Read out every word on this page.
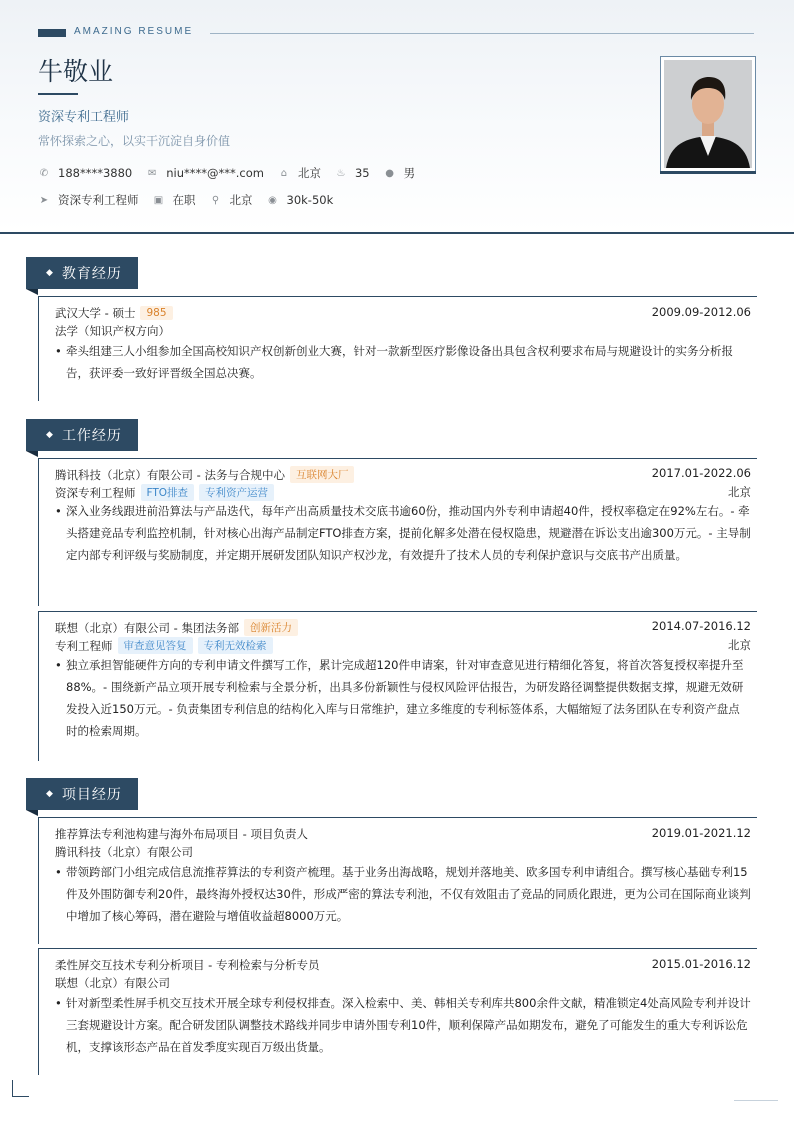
AMAZING RESUME
牛敬业
资深专利工程师
常怀探索之心，以实干沉淀自身价值
✆ 188****3880 ✉ niu****@***.com ⌂ 北京 ♨ 35 ● 男
➤ 资深专利工程师 ▣ 在职 ⚲ 北京 ◉ 30k-50k
◆ 教育经历
武汉大学 - 硕士	985	2009.09-2012.06
法学（知识产权方向）
• 牵头组建三人小组参加全国高校知识产权创新创业大赛，针对一款新型医疗影像设备出具包含权利要求布局与规避设计的实务分析报告，获评委一致好评晋级全国总决赛。
◆ 工作经历
腾讯科技（北京）有限公司 - 法务与合规中心	互联网大厂	2017.01-2022.06
资深专利工程师	FTO排查	专利资产运营	北京
• 深入业务线跟进前沿算法与产品迭代，每年产出高质量技术交底书逾60份，推动国内外专利申请超40件，授权率稳定在92%左右。- 牵头搭建竞品专利监控机制，针对核心出海产品制定FTO排查方案，提前化解多处潜在侵权隐患，规避潜在诉讼支出逾300万元。- 主导制定内部专利评级与奖励制度，并定期开展研发团队知识产权沙龙，有效提升了技术人员的专利保护意识与交底书产出质量。
联想（北京）有限公司 - 集团法务部	创新活力	2014.07-2016.12
专利工程师	审查意见答复	专利无效检索	北京
• 独立承担智能硬件方向的专利申请文件撰写工作，累计完成超120件申请案，针对审查意见进行精细化答复，将首次答复授权率提升至88%。- 围绕新产品立项开展专利检索与全景分析，出具多份新颖性与侵权风险评估报告，为研发路径调整提供数据支撑，规避无效研发投入近150万元。- 负责集团专利信息的结构化入库与日常维护，建立多维度的专利标签体系，大幅缩短了法务团队在专利资产盘点时的检索周期。
◆ 项目经历
推荐算法专利池构建与海外布局项目 - 项目负责人	2019.01-2021.12
腾讯科技（北京）有限公司
• 带领跨部门小组完成信息流推荐算法的专利资产梳理。基于业务出海战略，规划并落地美、欧多国专利申请组合。撰写核心基础专利15件及外围防御专利20件，最终海外授权达30件，形成严密的算法专利池，不仅有效阻击了竞品的同质化跟进，更为公司在国际商业谈判中增加了核心筹码，潜在避险与增值收益超8000万元。
柔性屏交互技术专利分析项目 - 专利检索与分析专员	2015.01-2016.12
联想（北京）有限公司
• 针对新型柔性屏手机交互技术开展全球专利侵权排查。深入检索中、美、韩相关专利库共800余件文献，精准锁定4处高风险专利并设计三套规避设计方案。配合研发团队调整技术路线并同步申请外围专利10件，顺利保障产品如期发布，避免了可能发生的重大专利诉讼危机，支撑该形态产品在首发季度实现百万级出货量。
